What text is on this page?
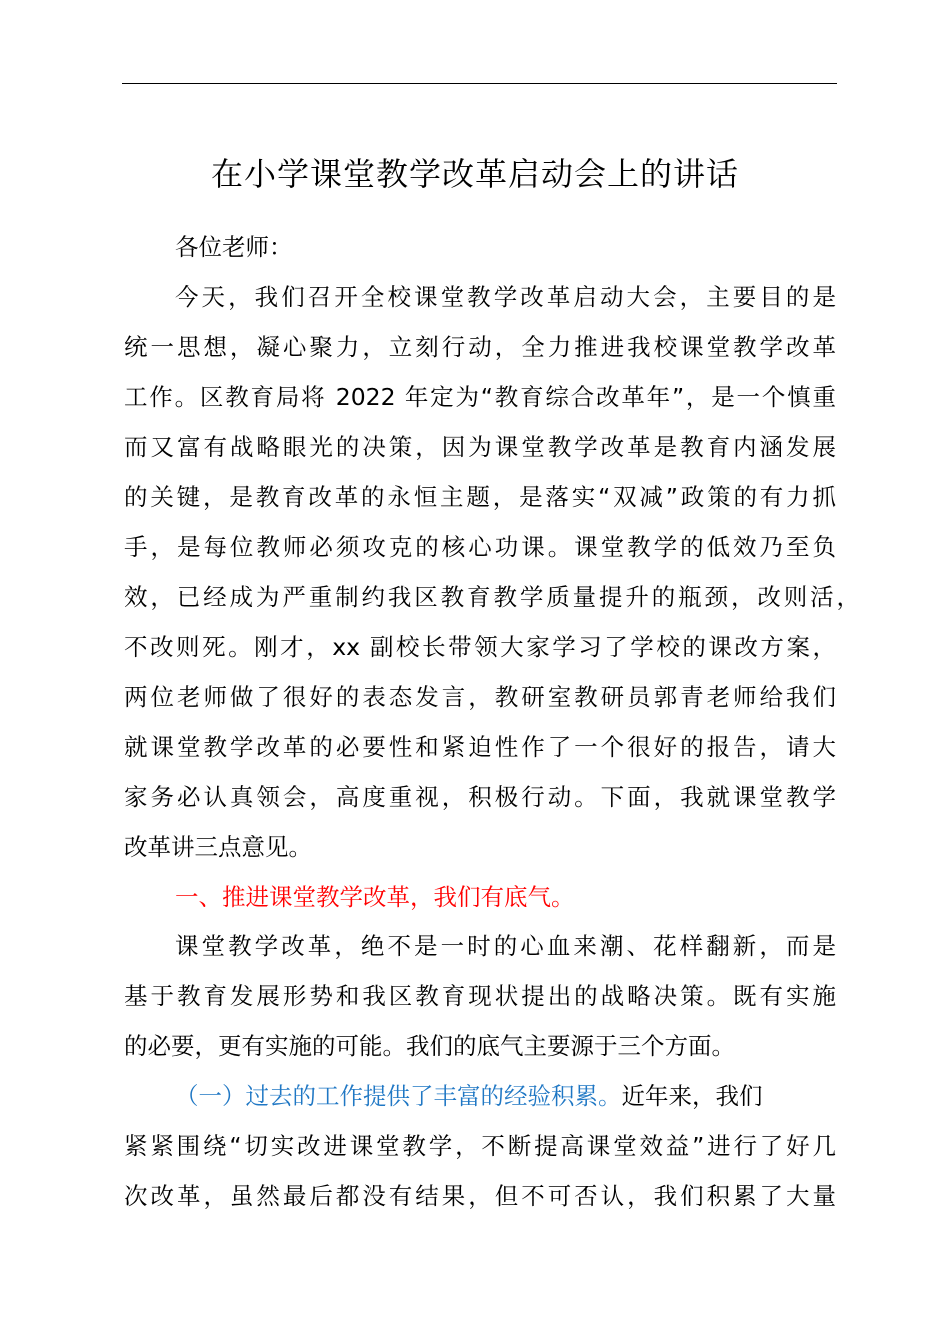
在小学课堂教学改革启动会上的讲话
各位老师：
今天，我们召开全校课堂教学改革启动大会，主要目的是
统一思想，凝心聚力，立刻行动，全力推进我校课堂教学改革
工作。区教育局将 2022 年定为“教育综合改革年”，是一个慎重
而又富有战略眼光的决策，因为课堂教学改革是教育内涵发展
的关键，是教育改革的永恒主题，是落实“双减”政策的有力抓
手，是每位教师必须攻克的核心功课。课堂教学的低效乃至负
效，已经成为严重制约我区教育教学质量提升的瓶颈，改则活，
不改则死。刚才，xx 副校长带领大家学习了学校的课改方案，
两位老师做了很好的表态发言，教研室教研员郭青老师给我们
就课堂教学改革的必要性和紧迫性作了一个很好的报告，请大
家务必认真领会，高度重视，积极行动。下面，我就课堂教学
改革讲三点意见。
一、推进课堂教学改革，我们有底气。
课堂教学改革，绝不是一时的心血来潮、花样翻新，而是
基于教育发展形势和我区教育现状提出的战略决策。既有实施
的必要，更有实施的可能。我们的底气主要源于三个方面。
（一）过去的工作提供了丰富的经验积累。近年来，我们
紧紧围绕“切实改进课堂教学，不断提高课堂效益”进行了好几
次改革，虽然最后都没有结果，但不可否认，我们积累了大量
